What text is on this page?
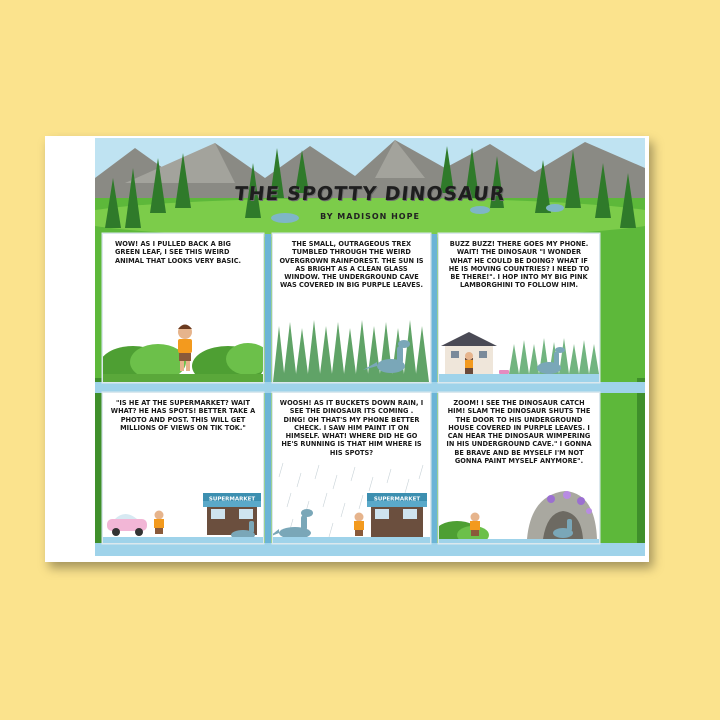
THE SPOTTY DINOSAUR
BY MADISON HOPE
WOW! AS I PULLED BACK A BIG GREEN LEAF, I SEE THIS WEIRD ANIMAL THAT LOOKS VERY BASIC.
THE SMALL, OUTRAGEOUS TREX TUMBLED THROUGH THE WEIRD OVERGROWN RAINFOREST. THE SUN IS AS BRIGHT AS A CLEAN GLASS WINDOW. THE UNDERGROUND CAVE WAS COVERED IN BIG PURPLE LEAVES.
BUZZ BUZZ! THERE GOES MY PHONE. WAIT! THE DINOSAUR "I WONDER WHAT HE COULD BE DOING? WHAT IF HE IS MOVING COUNTRIES? I NEED TO BE THERE!". I HOP INTO MY BIG PINK LAMBORGHINI TO FOLLOW HIM.
SUPERMARKET
"IS HE AT THE SUPERMARKET? WAIT WHAT? HE HAS SPOTS! BETTER TAKE A PHOTO AND POST. THIS WILL GET MILLIONS OF VIEWS ON TIK TOK."
SUPERMARKET
WOOSH! AS IT BUCKETS DOWN RAIN, I SEE THE DINOSAUR ITS COMING . DING! OH THAT'S MY PHONE BETTER CHECK. I SAW HIM PAINT IT ON HIMSELF. WHAT! WHERE DID HE GO HE'S RUNNING IS THAT HIM WHERE IS HIS SPOTS?
ZOOM! I SEE THE DINOSAUR CATCH HIM! SLAM THE DINOSAUR SHUTS THE THE DOOR TO HIS UNDERGROUND HOUSE COVERED IN PURPLE LEAVES. I CAN HEAR THE DINOSAUR WIMPERING IN HIS UNDERGROUND CAVE." I GONNA BE BRAVE AND BE MYSELF I'M NOT GONNA PAINT MYSELF ANYMORE".
